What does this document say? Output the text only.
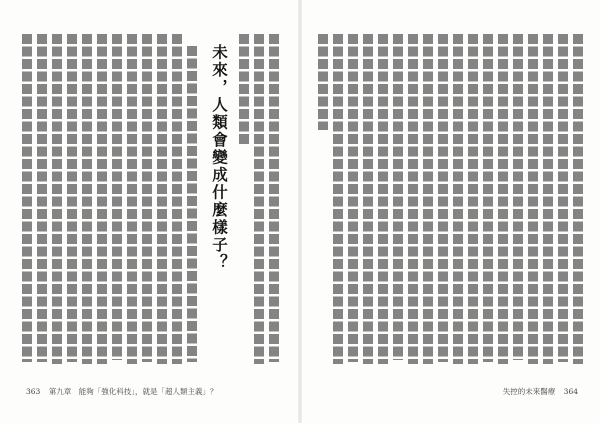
未來，人類會變成什麼樣子？
363 第九章　能夠「強化科技」，就是「超人類主義」？	失控的未來醫療 364
